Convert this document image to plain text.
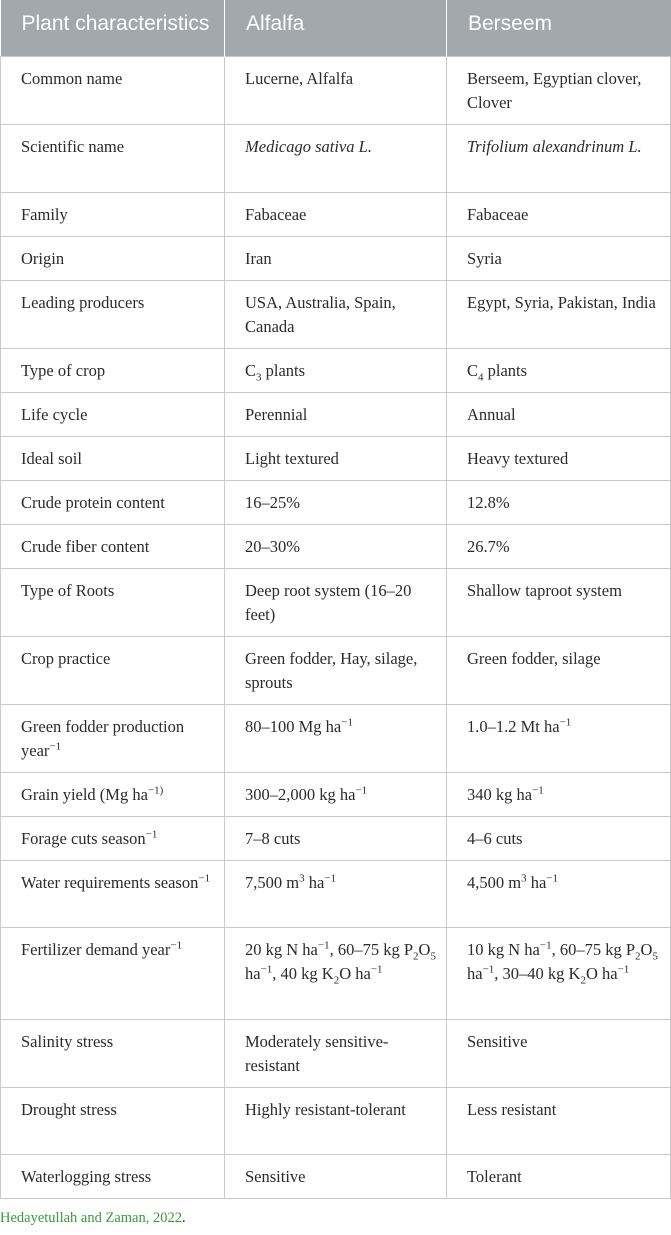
Plant characteristics	Alfalfa	Berseem
Common name	Lucerne, Alfalfa	Berseem, Egyptian clover, Clover
Scientific name	Medicago sativa L.	Trifolium alexandrinum L.
Family	Fabaceae	Fabaceae
Origin	Iran	Syria
Leading producers	USA, Australia, Spain, Canada	Egypt, Syria, Pakistan, India
Type of crop	$C_3$ plants	$C_4$ plants
Life cycle	Perennial	Annual
Ideal soil	Light textured	Heavy textured
Crude protein content	16–25%	12.8%
Crude fiber content	20–30%	26.7%
Type of Roots	Deep root system (16–20 feet)	Shallow taproot system
Crop practice	Green fodder, Hay, silage, sprouts	Green fodder, silage
Green fodder production year$^{-1}$	80–100 Mg $ha^{-1}$	1.0–1.2 Mt $ha^{-1}$
Grain yield (Mg $ha^{-1)}$	300–2,000 kg $ha^{-1}$	340 kg $ha^{-1}$
Forage cuts season$^{-1}$	7–8 cuts	4–6 cuts
Water requirements season$^{-1}$	7,500 $m^3$ $ha^{-1}$	4,500 $m^3$ $ha^{-1}$
Fertilizer demand year$^{-1}$	20 kg N $ha^{-1}$, 60–75 kg $P_2O_5$ $ha^{-1}$, 40 kg $K_2O$ $ha^{-1}$	10 kg N $ha^{-1}$, 60–75 kg $P_2O_5$ $ha^{-1}$, 30–40 kg $K_2O$ $ha^{-1}$
Salinity stress	Moderately sensitive-resistant	Sensitive
Drought stress	Highly resistant-tolerant	Less resistant
Waterlogging stress	Sensitive	Tolerant
Hedayetullah and Zaman, 2022.
